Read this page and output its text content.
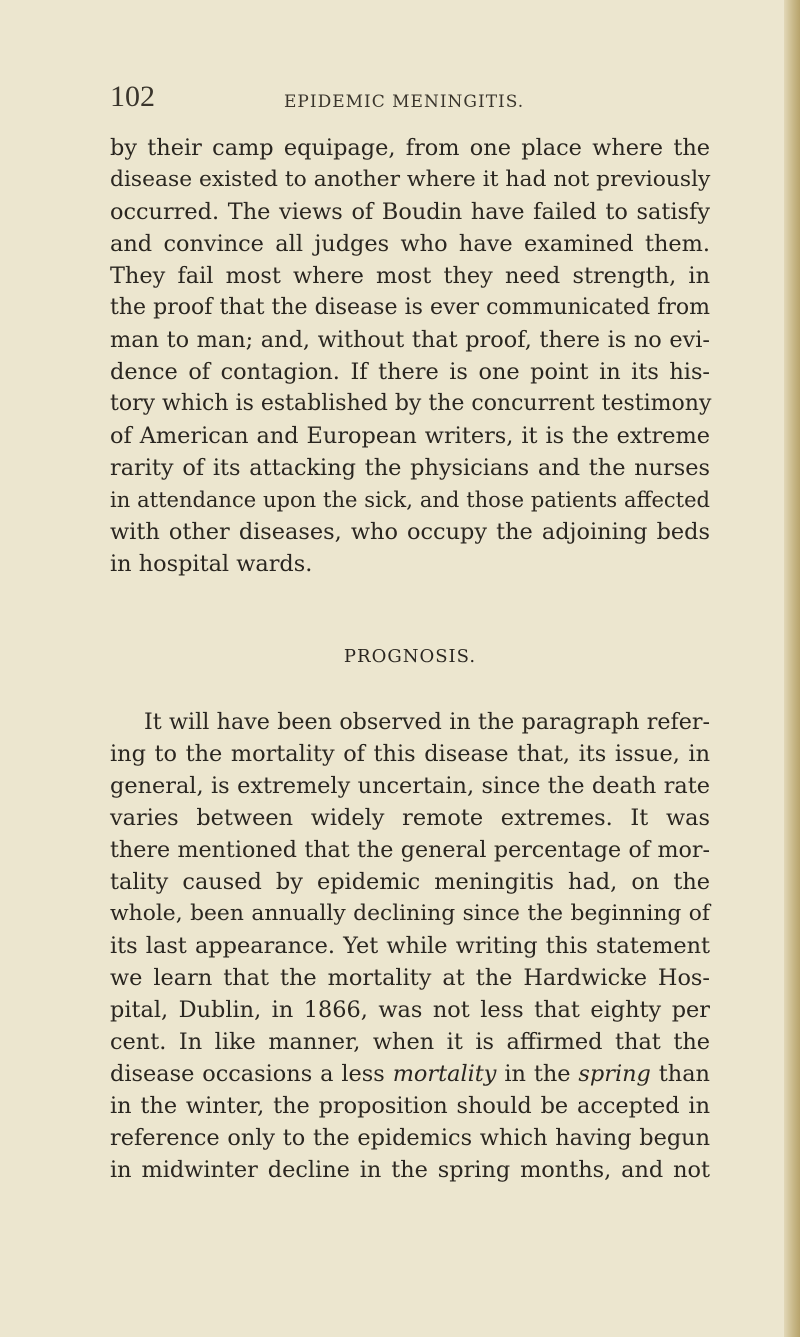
102	EPIDEMIC MENINGITIS.

by their camp equipage, from one place where the
disease existed to another where it had not previously
occurred. The views of Boudin have failed to satisfy
and convince all judges who have examined them.
They fail most where most they need strength, in
the proof that the disease is ever communicated from
man to man; and, without that proof, there is no evi-
dence of contagion. If there is one point in its his-
tory which is established by the concurrent testimony
of American and European writers, it is the extreme
rarity of its attacking the physicians and the nurses
in attendance upon the sick, and those patients affected
with other diseases, who occupy the adjoining beds
in hospital wards.

PROGNOSIS.

It will have been observed in the paragraph refer-
ing to the mortality of this disease that, its issue, in
general, is extremely uncertain, since the death rate
varies between widely remote extremes. It was
there mentioned that the general percentage of mor-
tality caused by epidemic meningitis had, on the
whole, been annually declining since the beginning of
its last appearance. Yet while writing this statement
we learn that the mortality at the Hardwicke Hos-
pital, Dublin, in 1866, was not less that eighty per
cent. In like manner, when it is affirmed that the
disease occasions a less mortality in the spring than
in the winter, the proposition should be accepted in
reference only to the epidemics which having begun
in midwinter decline in the spring months, and not
